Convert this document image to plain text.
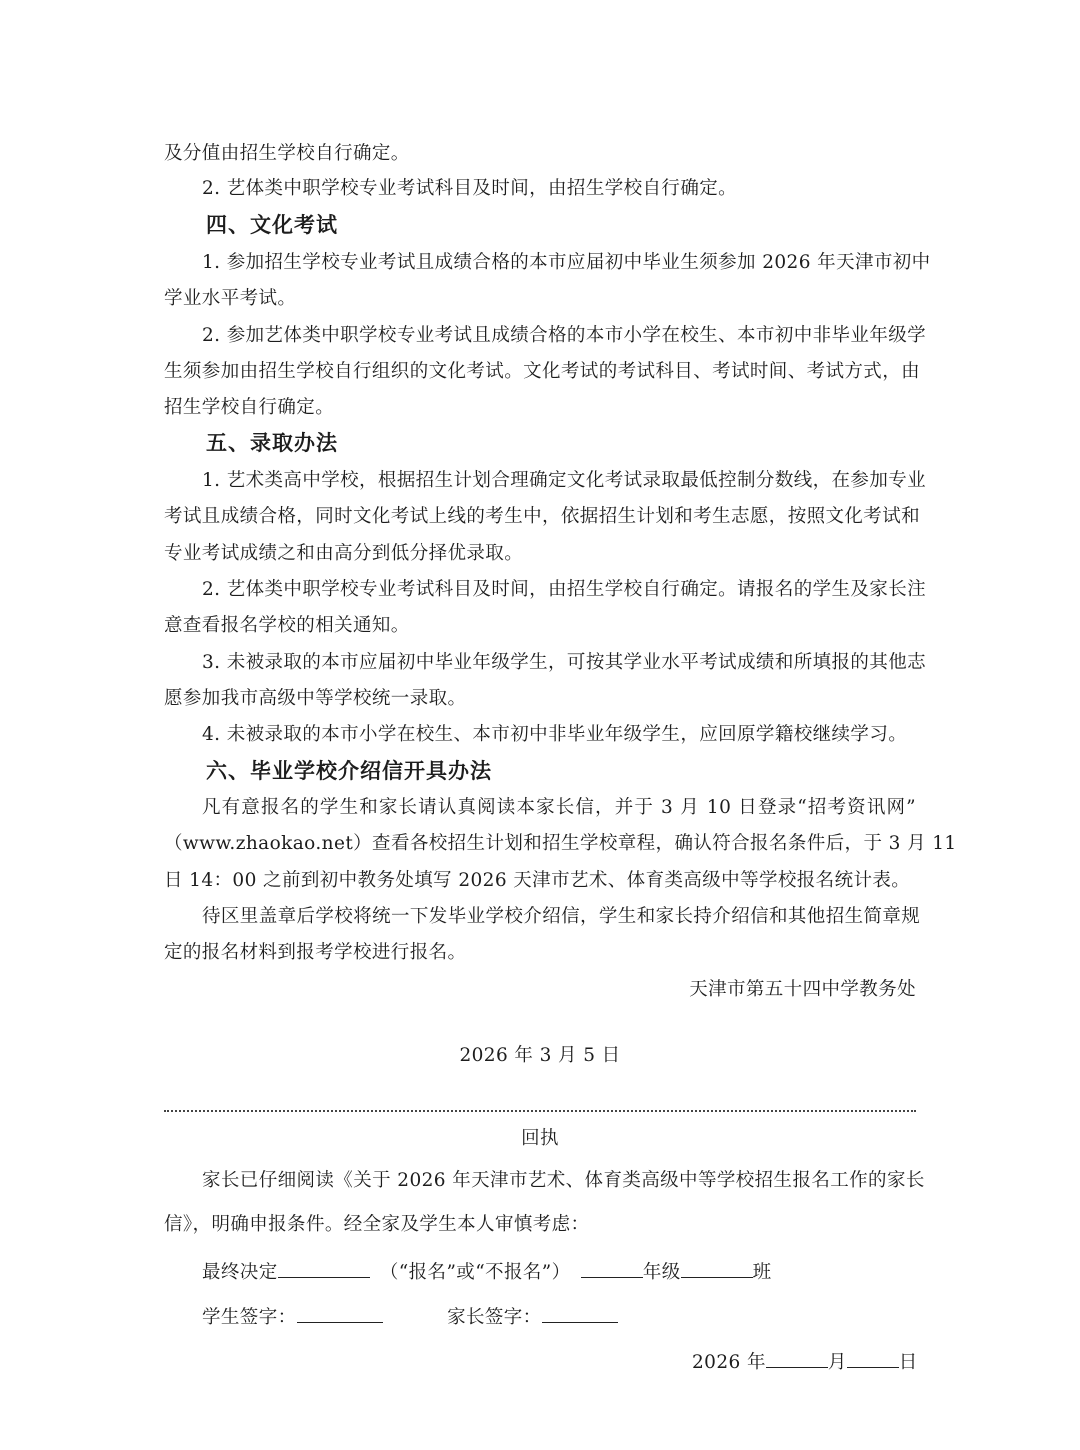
及分值由招生学校自行确定。
2. 艺体类中职学校专业考试科目及时间，由招生学校自行确定。
四、文化考试
1. 参加招生学校专业考试且成绩合格的本市应届初中毕业生须参加 2026 年天津市初中
学业水平考试。
2. 参加艺体类中职学校专业考试且成绩合格的本市小学在校生、本市初中非毕业年级学
生须参加由招生学校自行组织的文化考试。文化考试的考试科目、考试时间、考试方式，由
招生学校自行确定。
五、录取办法
1. 艺术类高中学校，根据招生计划合理确定文化考试录取最低控制分数线，在参加专业
考试且成绩合格，同时文化考试上线的考生中，依据招生计划和考生志愿，按照文化考试和
专业考试成绩之和由高分到低分择优录取。
2. 艺体类中职学校专业考试科目及时间，由招生学校自行确定。请报名的学生及家长注
意查看报名学校的相关通知。
3. 未被录取的本市应届初中毕业年级学生，可按其学业水平考试成绩和所填报的其他志
愿参加我市高级中等学校统一录取。
4. 未被录取的本市小学在校生、本市初中非毕业年级学生，应回原学籍校继续学习。
六、毕业学校介绍信开具办法
凡有意报名的学生和家长请认真阅读本家长信，并于 3 月 10 日登录“招考资讯网”
（www.zhaokao.net）查看各校招生计划和招生学校章程，确认符合报名条件后，于 3 月 11
日 14：00 之前到初中教务处填写 2026 天津市艺术、体育类高级中等学校报名统计表。
待区里盖章后学校将统一下发毕业学校介绍信，学生和家长持介绍信和其他招生简章规
定的报名材料到报考学校进行报名。
天津市第五十四中学教务处
2026 年 3 月 5 日
回执
家长已仔细阅读《关于 2026 年天津市艺术、体育类高级中等学校招生报名工作的家长
信》，明确申报条件。经全家及学生本人审慎考虑：
最终决定	（“报名”或“不报名”）	年级	班
学生签字：	家长签字：
2026 年	月	日
